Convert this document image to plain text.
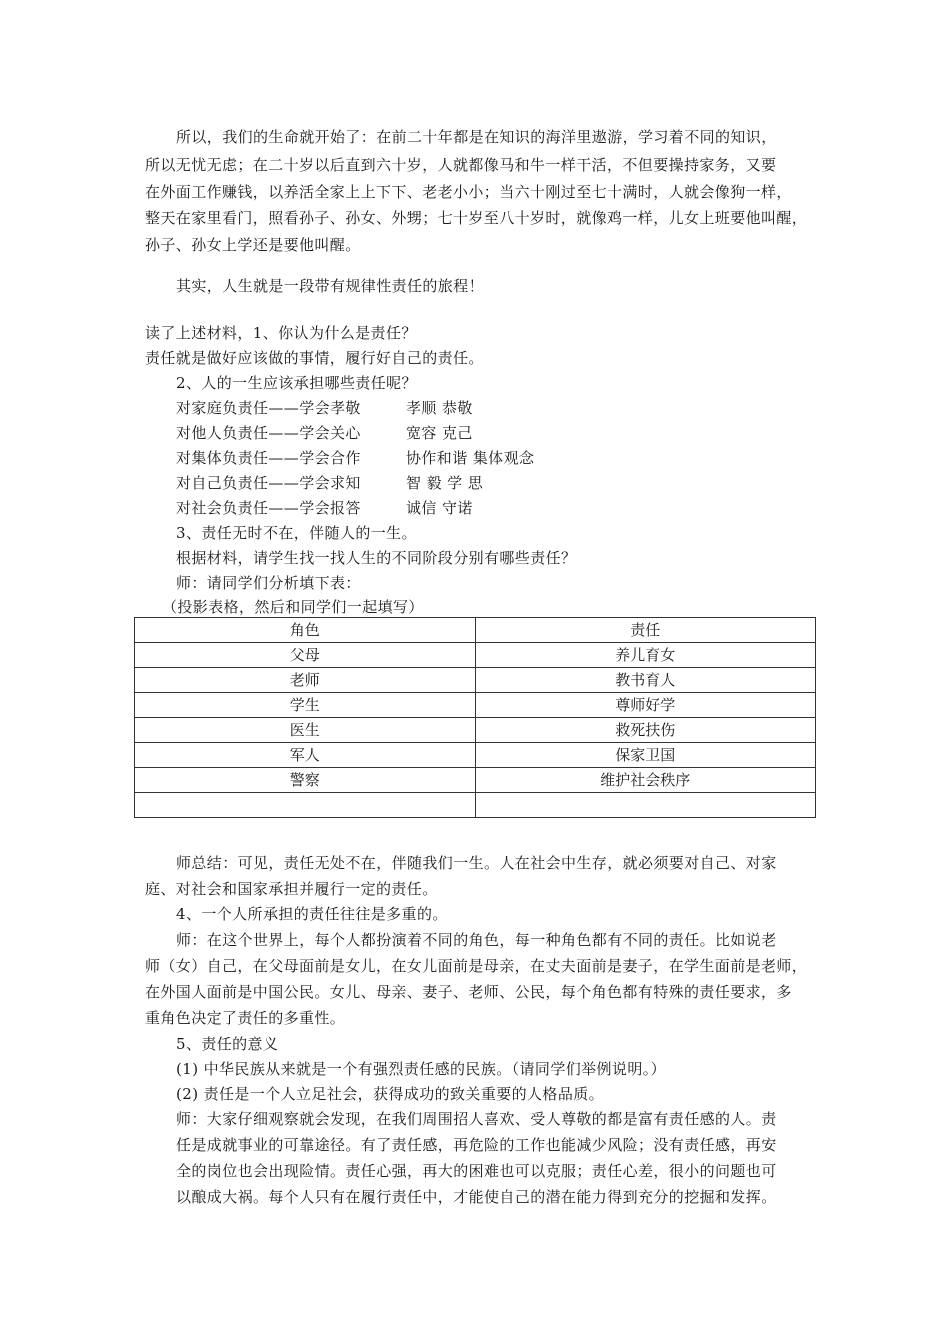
所以，我们的生命就开始了：在前二十年都是在知识的海洋里遨游，学习着不同的知识，
所以无忧无虑；在二十岁以后直到六十岁，人就都像马和牛一样干活，不但要操持家务，又要
在外面工作赚钱，以养活全家上上下下、老老小小；当六十刚过至七十满时，人就会像狗一样，
整天在家里看门，照看孙子、孙女、外甥；七十岁至八十岁时，就像鸡一样，儿女上班要他叫醒，
孙子、孙女上学还是要他叫醒。
其实，人生就是一段带有规律性责任的旅程！
读了上述材料，1、你认为什么是责任？
责任就是做好应该做的事情，履行好自己的责任。
2、人的一生应该承担哪些责任呢？
对家庭负责任——学会孝敬	孝顺 恭敬
对他人负责任——学会关心	宽容 克己
对集体负责任——学会合作	协作和谐 集体观念
对自己负责任——学会求知	智 毅 学 思
对社会负责任——学会报答	诚信 守诺
3、责任无时不在，伴随人的一生。
根据材料，请学生找一找人生的不同阶段分别有哪些责任？
师：请同学们分析填下表：
（投影表格，然后和同学们一起填写）
角色	责任
父母	养儿育女
老师	教书育人
学生	尊师好学
医生	救死扶伤
军人	保家卫国
警察	维护社会秩序

师总结：可见，责任无处不在，伴随我们一生。人在社会中生存，就必须要对自己、对家
庭、对社会和国家承担并履行一定的责任。
4、一个人所承担的责任往往是多重的。
师：在这个世界上，每个人都扮演着不同的角色，每一种角色都有不同的责任。比如说老
师（女）自己，在父母面前是女儿，在女儿面前是母亲，在丈夫面前是妻子，在学生面前是老师，
在外国人面前是中国公民。女儿、母亲、妻子、老师、公民，每个角色都有特殊的责任要求，多
重角色决定了责任的多重性。
5、责任的意义
(1) 中华民族从来就是一个有强烈责任感的民族。（请同学们举例说明。）
(2) 责任是一个人立足社会，获得成功的致关重要的人格品质。
师：大家仔细观察就会发现，在我们周围招人喜欢、受人尊敬的都是富有责任感的人。责
任是成就事业的可靠途径。有了责任感，再危险的工作也能减少风险；没有责任感，再安
全的岗位也会出现险情。责任心强，再大的困难也可以克服；责任心差，很小的问题也可
以酿成大祸。每个人只有在履行责任中，才能使自己的潜在能力得到充分的挖掘和发挥。
